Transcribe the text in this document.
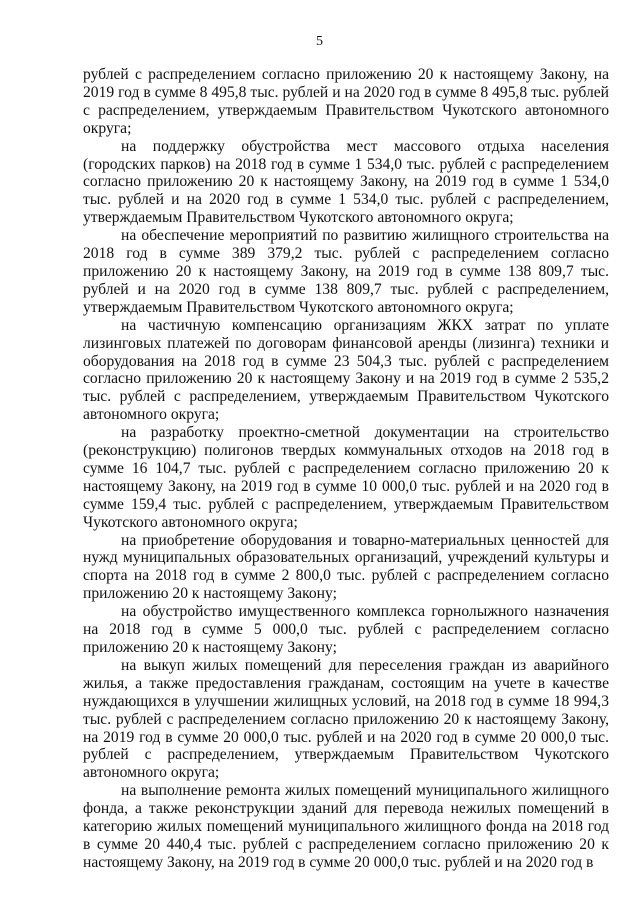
5

рублей с распределением согласно приложению 20 к настоящему Закону, на 2019 год в сумме 8 495,8 тыс. рублей и на 2020 год в сумме 8 495,8 тыс. рублей с распределением, утверждаемым Правительством Чукотского автономного округа;

на поддержку обустройства мест массового отдыха населения (городских парков) на 2018 год в сумме 1 534,0 тыс. рублей с распределением согласно приложению 20 к настоящему Закону, на 2019 год в сумме 1 534,0 тыс. рублей и на 2020 год в сумме 1 534,0 тыс. рублей с распределением, утверждаемым Правительством Чукотского автономного округа;

на обеспечение мероприятий по развитию жилищного строительства на 2018 год в сумме 389 379,2 тыс. рублей с распределением согласно приложению 20 к настоящему Закону, на 2019 год в сумме 138 809,7 тыс. рублей и на 2020 год в сумме 138 809,7 тыс. рублей с распределением, утверждаемым Правительством Чукотского автономного округа;

на частичную компенсацию организациям ЖКХ затрат по уплате лизинговых платежей по договорам финансовой аренды (лизинга) техники и оборудования на 2018 год в сумме 23 504,3 тыс. рублей с распределением согласно приложению 20 к настоящему Закону и на 2019 год в сумме 2 535,2 тыс. рублей с распределением, утверждаемым Правительством Чукотского автономного округа;

на разработку проектно-сметной документации на строительство (реконструкцию) полигонов твердых коммунальных отходов на 2018 год в сумме 16 104,7 тыс. рублей с распределением согласно приложению 20 к настоящему Закону, на 2019 год в сумме 10 000,0 тыс. рублей и на 2020 год в сумме 159,4 тыс. рублей с распределением, утверждаемым Правительством Чукотского автономного округа;

на приобретение оборудования и товарно-материальных ценностей для нужд муниципальных образовательных организаций, учреждений культуры и спорта на 2018 год в сумме 2 800,0 тыс. рублей с распределением согласно приложению 20 к настоящему Закону;

на обустройство имущественного комплекса горнолыжного назначения на 2018 год в сумме 5 000,0 тыс. рублей с распределением согласно приложению 20 к настоящему Закону;

на выкуп жилых помещений для переселения граждан из аварийного жилья, а также предоставления гражданам, состоящим на учете в качестве нуждающихся в улучшении жилищных условий, на 2018 год в сумме 18 994,3 тыс. рублей с распределением согласно приложению 20 к настоящему Закону, на 2019 год в сумме 20 000,0 тыс. рублей и на 2020 год в сумме 20 000,0 тыс. рублей с распределением, утверждаемым Правительством Чукотского автономного округа;

на выполнение ремонта жилых помещений муниципального жилищного фонда, а также реконструкции зданий для перевода нежилых помещений в категорию жилых помещений муниципального жилищного фонда на 2018 год в сумме 20 440,4 тыс. рублей с распределением согласно приложению 20 к настоящему Закону, на 2019 год в сумме 20 000,0 тыс. рублей и на 2020 год в
